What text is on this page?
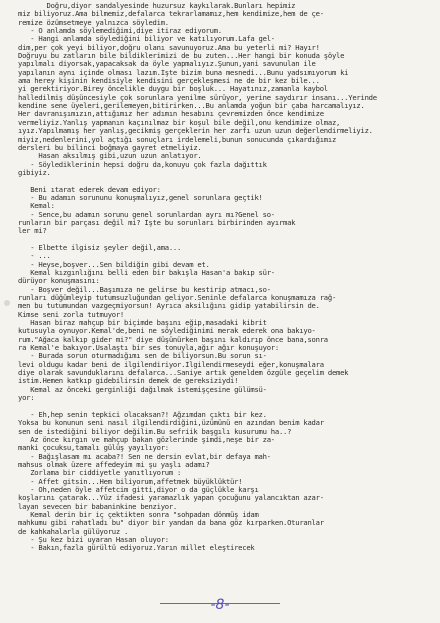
Doğru,diyor sandalyesinde huzursuz kaykılarak.Bunları hepimiz
miz biliyoruz.Ama bilmemiz,defalarca tekrarlamamız,hem kendimize,hem de çe-
remize özümsetmeye yalnızca söyledim.
- O anlamda söylemediğimi,diye itiraz ediyorum.
- Hangi anlamda söylediğini biliyor ve katılıyorum.Lafa gel-
dim,per çok yeyi biliyor,doğru olanı savunuyoruz.Ama bu yeterli mi? Hayır!
Doğruyu bu zatların bile bildiklerimizi de bu zuten...Her hangi bir konuda şöyle
yapılmalı diyorsak,yapacaksak da öyle yapmalıyız.Şunun,yani savunulan ile
yapılanın aynı içinde olması lazım.İşte bizim buna mesnedi...Bunu yadsımıyorum ki
ama herey kişinin kendisiyle kendisini gerçekleşmesi ne de bir kez bile...
yi gerektiriyor.Birey öncelikle duygu bir boşluk... Hayatınız,zamanla kaybol
halledilmiş düşüncesiyle çok sorunlara yenilme sürüyor, yerine saydırır insanı...Yerinde
kendine sene üyeleri,gerilemeyen,bitirirken...Bu anlamda yoğun bir çaba harcamalıyız.
Her davranışımızın,attığımız her adımın hesabını çevremizden önce kendimize
vermeliyiz.Yanlış yapmanın kaçınılmaz bir koşul bile değil,onu kendimize olmaz,
ıyız.Yapılmamış her yanlış,gecikmiş gerçeklerin her zarfı uzun uzun değerlendirmeliyiz.
miyiz,nedenlerini,yol açtığı sonuçları irdelemeli,bunun sonucunda çıkardığımız
dersleri bu bilinci boğmaya gayret etmeliyiz.
Hasan aksılmış gibi,uzun uzun anlatıyor.
- Söylediklerinin hepsi doğru da,konuyu çok fazla dağıttık
gibiyiz.
Beni ıtarat ederek devam ediyor:
- Bu adamın sorununu konuşmalıyız,genel sorunlara geçtik!
Kemal:
- Sence,bu adamın sorunu genel sorunlardan ayrı mı?Genel so-
runların bir parçası değil mi? İşte bu sorunları birbirinden ayırmak
ler mi?
- Elbette ilgisiz şeyler değil,ama...
- ...
- Heyse,boşver...Sen bildiğin gibi devam et.
Kemal kızgınlığını belli eden bir bakışla Hasan'a bakıp sür-
dürüyor konuşmasını:
- Boşver değil...Başımıza ne gelirse bu kestirip atmacı,so-
runları düğümleyip tutumsuzluğundan geliyor.Seninle defalarca konuşmamıza rağ-
men bu tutumundan vazgeçmiyorsun! Ayrıca aksilığını gidip yatabilirsin de.
Kimse seni zorla tutmuyor!
Hasan biraz mahçup bir biçimde başını eğip,masadaki kibrit
kutusuyla oynuyor.Kemal'de,beni ne söylediğinimi merak ederek ona bakıyo-
rum."Ağaca kalkıp gider mi?" diye düşünürken başını kaldırıp önce bana,sonra
ra Kemal'e bakıyor.Usalaştı bir ses tonuyla,ağır ağır konuşuyor:
- Burada sorun oturmadığımı sen de biliyorsun.Bu sorun sı-
levi oldugu kadar beni de ilgilendiriyor.İlgilendirmeseydi eğer,konuşmalara
diye olarak savunduklarını defalarca...Saniye artık geneldem özgüle geçelim demek
istim.Hemen katkıp gidebilirsin demek de gereksiziydi!
Kemal az önceki gerginliği dağılmak istemişçesine gülümsü-
yor:
- Eh,hep senin tepkici olacaksan?! Ağzımdan çıktı bir kez.
Yoksa bu konunun seni nasıl ilgilendirdiğini,üzümünü en azından benim kadar
sen de istediğini biliyor değilim.Bu sefriik başgılı kusurumu ha..?
Az önce kırgın ve mahçup bakan gözlerinde şimdi,neşe bir za-
manki çocuksu,tamalı gülüş yayılıyor:
- Bağışlasam mı acaba?! Sen ne dersin evlat,bir defaya mah-
mahsus olmak üzere affedeyim mi şu yaşlı adamı?
Zorlama bir ciddiyetle yanıtlıyorum :
- Affet gitsin...Hem biliyorum,affetmek büyüklüktür!
- Oh,neden öyle affetcim gitti,diyor o da güçlükle karşı
koşlarını çatarak...Yüz ifadesi yaramazlık yapan çocuğunu yalancıktan azar-
layan sevecen bir babaninkine benziyor.
Kemal derin bir iç çektikten sonra "sohpadan dönmüş idam
mahkumu gibi rahatladı bu" diyor bir yandan da bana göz kırparken.Oturanlar
de kahkahalarla gülüyoruz .
- Şu kez bizi uyaran Hasan oluyor:
- Bakın,fazla gürültü ediyoruz.Yarın millet eleştirecek
-8-
